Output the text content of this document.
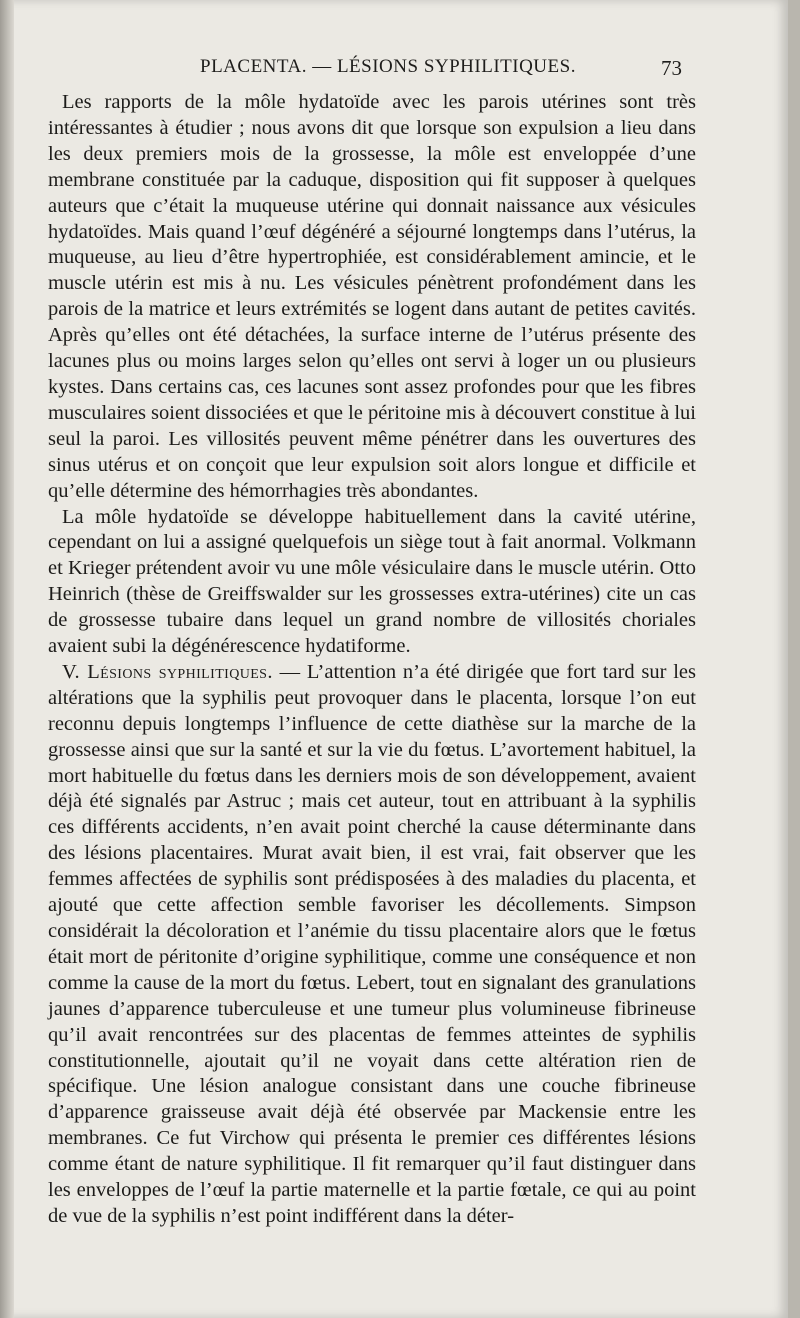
PLACENTA. — LÉSIONS SYPHILITIQUES.	73

Les rapports de la môle hydatoïde avec les parois utérines sont très intéressantes à étudier ; nous avons dit que lorsque son expulsion a lieu dans les deux premiers mois de la grossesse, la môle est enveloppée d’une membrane constituée par la caduque, disposition qui fit supposer à quelques auteurs que c’était la muqueuse utérine qui donnait naissance aux vésicules hydatoïdes. Mais quand l’œuf dégénéré a séjourné longtemps dans l’utérus, la muqueuse, au lieu d’être hypertrophiée, est considérablement amincie, et le muscle utérin est mis à nu. Les vésicules pénètrent profondément dans les parois de la matrice et leurs extrémités se logent dans autant de petites cavités. Après qu’elles ont été détachées, la surface interne de l’utérus présente des lacunes plus ou moins larges selon qu’elles ont servi à loger un ou plusieurs kystes. Dans certains cas, ces lacunes sont assez profondes pour que les fibres musculaires soient dissociées et que le péritoine mis à découvert constitue à lui seul la paroi. Les villosités peuvent même pénétrer dans les ouvertures des sinus utérus et on conçoit que leur expulsion soit alors longue et difficile et qu’elle détermine des hémorrhagies très abondantes.

La môle hydatoïde se développe habituellement dans la cavité utérine, cependant on lui a assigné quelquefois un siège tout à fait anormal. Volkmann et Krieger prétendent avoir vu une môle vésiculaire dans le muscle utérin. Otto Heinrich (thèse de Greiffswalder sur les grossesses extra-utérines) cite un cas de grossesse tubaire dans lequel un grand nombre de villosités choriales avaient subi la dégénérescence hydatiforme.

V. Lésions syphilitiques. — L’attention n’a été dirigée que fort tard sur les altérations que la syphilis peut provoquer dans le placenta, lorsque l’on eut reconnu depuis longtemps l’influence de cette diathèse sur la marche de la grossesse ainsi que sur la santé et sur la vie du fœtus. L’avortement habituel, la mort habituelle du fœtus dans les derniers mois de son développement, avaient déjà été signalés par Astruc ; mais cet auteur, tout en attribuant à la syphilis ces différents accidents, n’en avait point cherché la cause déterminante dans des lésions placentaires. Murat avait bien, il est vrai, fait observer que les femmes affectées de syphilis sont prédisposées à des maladies du placenta, et ajouté que cette affection semble favoriser les décollements. Simpson considérait la décoloration et l’anémie du tissu placentaire alors que le fœtus était mort de péritonite d’origine syphilitique, comme une conséquence et non comme la cause de la mort du fœtus. Lebert, tout en signalant des granulations jaunes d’apparence tuberculeuse et une tumeur plus volumineuse fibrineuse qu’il avait rencontrées sur des placentas de femmes atteintes de syphilis constitutionnelle, ajoutait qu’il ne voyait dans cette altération rien de spécifique. Une lésion analogue consistant dans une couche fibrineuse d’apparence graisseuse avait déjà été observée par Mackensie entre les membranes. Ce fut Virchow qui présenta le premier ces différentes lésions comme étant de nature syphilitique. Il fit remarquer qu’il faut distinguer dans les enveloppes de l’œuf la partie maternelle et la partie fœtale, ce qui au point de vue de la syphilis n’est point indifférent dans la déter-
